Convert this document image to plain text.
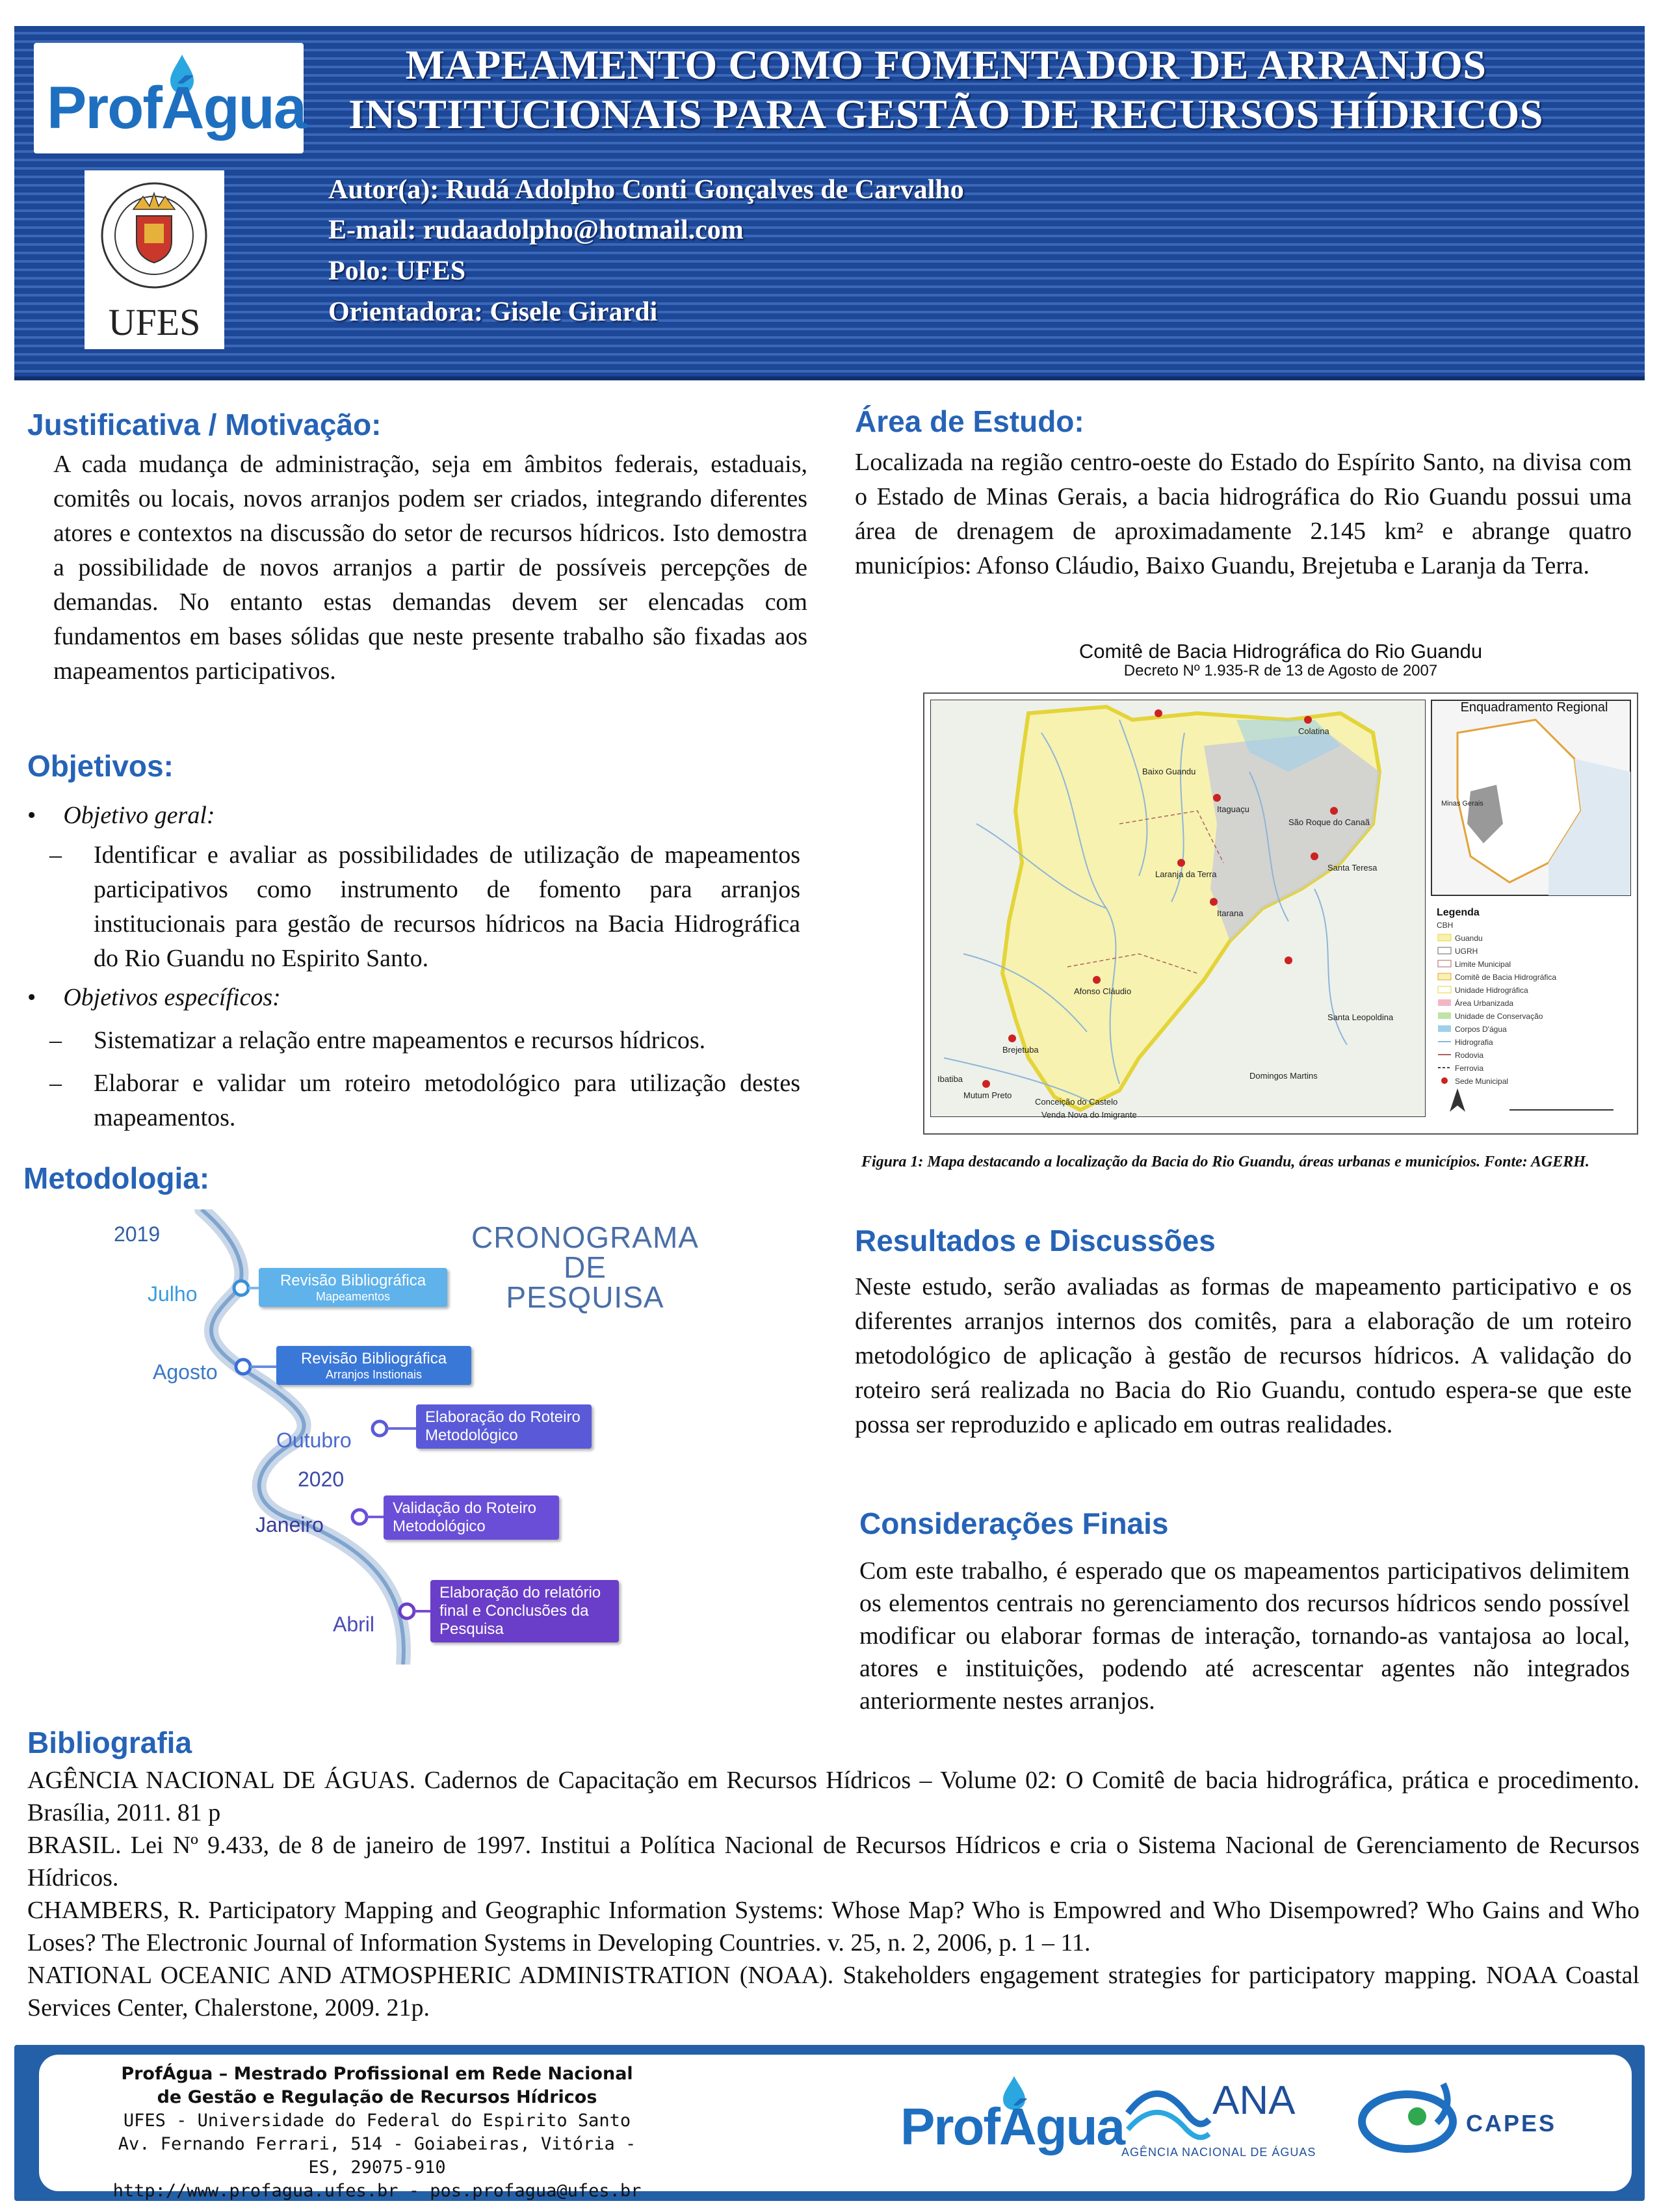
ProfÁgua
UFES
MAPEAMENTO COMO FOMENTADOR DE ARRANJOS
INSTITUCIONAIS PARA GESTÃO DE RECURSOS HÍDRICOS
Autor(a): Rudá Adolpho Conti Gonçalves de Carvalho
E-mail: rudaadolpho@hotmail.com
Polo: UFES
Orientadora: Gisele Girardi
Justificativa / Motivação:
A cada mudança de administração, seja em âmbitos federais, estaduais, comitês ou locais, novos arranjos podem ser criados, integrando diferentes atores e contextos na discussão do setor de recursos hídricos. Isto demostra a possibilidade de novos arranjos a partir de possíveis percepções de demandas. No entanto estas demandas devem ser elencadas com fundamentos em bases sólidas que neste presente trabalho são fixadas aos mapeamentos participativos.
Objetivos:
• Objetivo geral:
– Identificar e avaliar as possibilidades de utilização de mapeamentos participativos como instrumento de fomento para arranjos institucionais para gestão de recursos hídricos na Bacia Hidrográfica do Rio Guandu no Espirito Santo.
• Objetivos específicos:
– Sistematizar a relação entre mapeamentos e recursos hídricos.
– Elaborar e validar um roteiro metodológico para utilização destes mapeamentos.
Metodologia:
2019
Julho
Agosto
Outubro
2020
Janeiro
Abril
Revisão Bibliográfica
Mapeamentos
Revisão Bibliográfica
Arranjos Instionais
Elaboração do Roteiro
Metodológico
Validação do Roteiro
Metodológico
Elaboração do relatório
final e Conclusões da
Pesquisa
CRONOGRAMA
DE
PESQUISA
Área de Estudo:
Localizada na região centro-oeste do Estado do Espírito Santo, na divisa com o Estado de Minas Gerais, a bacia hidrográfica do Rio Guandu possui uma área de drenagem de aproximadamente 2.145 km² e abrange quatro municípios: Afonso Cláudio, Baixo Guandu, Brejetuba e Laranja da Terra.
Comitê de Bacia Hidrográfica do Rio Guandu
Decreto Nº 1.935-R de 13 de Agosto de 2007
Enquadramento Regional
Legenda
CBH
Guandu
UGRH
Limite Municipal
Comitê de Bacia Hidrográfica
Unidade Hidrográfica
Área Urbanizada
Unidade de Conservação
Corpos D'água
Hidrografia
Rodovia
Ferrovia
Sede Municipal
Baixo Guandu
Colatina
São Roque do Canaã
Itaguaçu
Laranja da Terra
Itarana
Santa Teresa
Afonso Cláudio
Brejetuba
Santa Leopoldina
Domingos Martins
Mutum Preto
Ibatiba
Venda Nova do Imigrante
Conceição do Castelo
Minas Gerais
Figura 1: Mapa destacando a localização da Bacia do Rio Guandu, áreas urbanas e municípios. Fonte: AGERH.
Resultados e Discussões
Neste estudo, serão avaliadas as formas de mapeamento participativo e os diferentes arranjos internos dos comitês, para a elaboração de um roteiro metodológico de aplicação à gestão de recursos hídricos. A validação do roteiro será realizada no Bacia do Rio Guandu, contudo espera-se que este possa ser reproduzido e aplicado em outras realidades.
Considerações Finais
Com este trabalho, é esperado que os mapeamentos participativos delimitem os elementos centrais no gerenciamento dos recursos hídricos sendo possível modificar ou elaborar formas de interação, tornando-as vantajosa ao local, atores e instituições, podendo até acrescentar agentes não integrados anteriormente nestes arranjos.
Bibliografia
AGÊNCIA NACIONAL DE ÁGUAS. Cadernos de Capacitação em Recursos Hídricos – Volume 02: O Comitê de bacia hidrográfica, prática e procedimento. Brasília, 2011. 81 p
BRASIL. Lei Nº 9.433, de 8 de janeiro de 1997. Institui a Política Nacional de Recursos Hídricos e cria o Sistema Nacional de Gerenciamento de Recursos Hídricos.
CHAMBERS, R. Participatory Mapping and Geographic Information Systems: Whose Map? Who is Empowred and Who Disempowred? Who Gains and Who Loses? The Electronic Journal of Information Systems in Developing Countries. v. 25, n. 2, 2006, p. 1 – 11.
NATIONAL OCEANIC AND ATMOSPHERIC ADMINISTRATION (NOAA). Stakeholders engagement strategies for participatory mapping. NOAA Coastal Services Center, Chalerstone, 2009. 21p.
ProfÁgua – Mestrado Profissional em Rede Nacional
de Gestão e Regulação de Recursos Hídricos
UFES - Universidade do Federal do Espirito Santo
Av. Fernando Ferrari, 514 - Goiabeiras, Vitória - ES, 29075-910
http://www.profagua.ufes.br - pos.profagua@ufes.br
ProfÁgua ANA
AGÊNCIA NACIONAL DE ÁGUAS
CAPES
